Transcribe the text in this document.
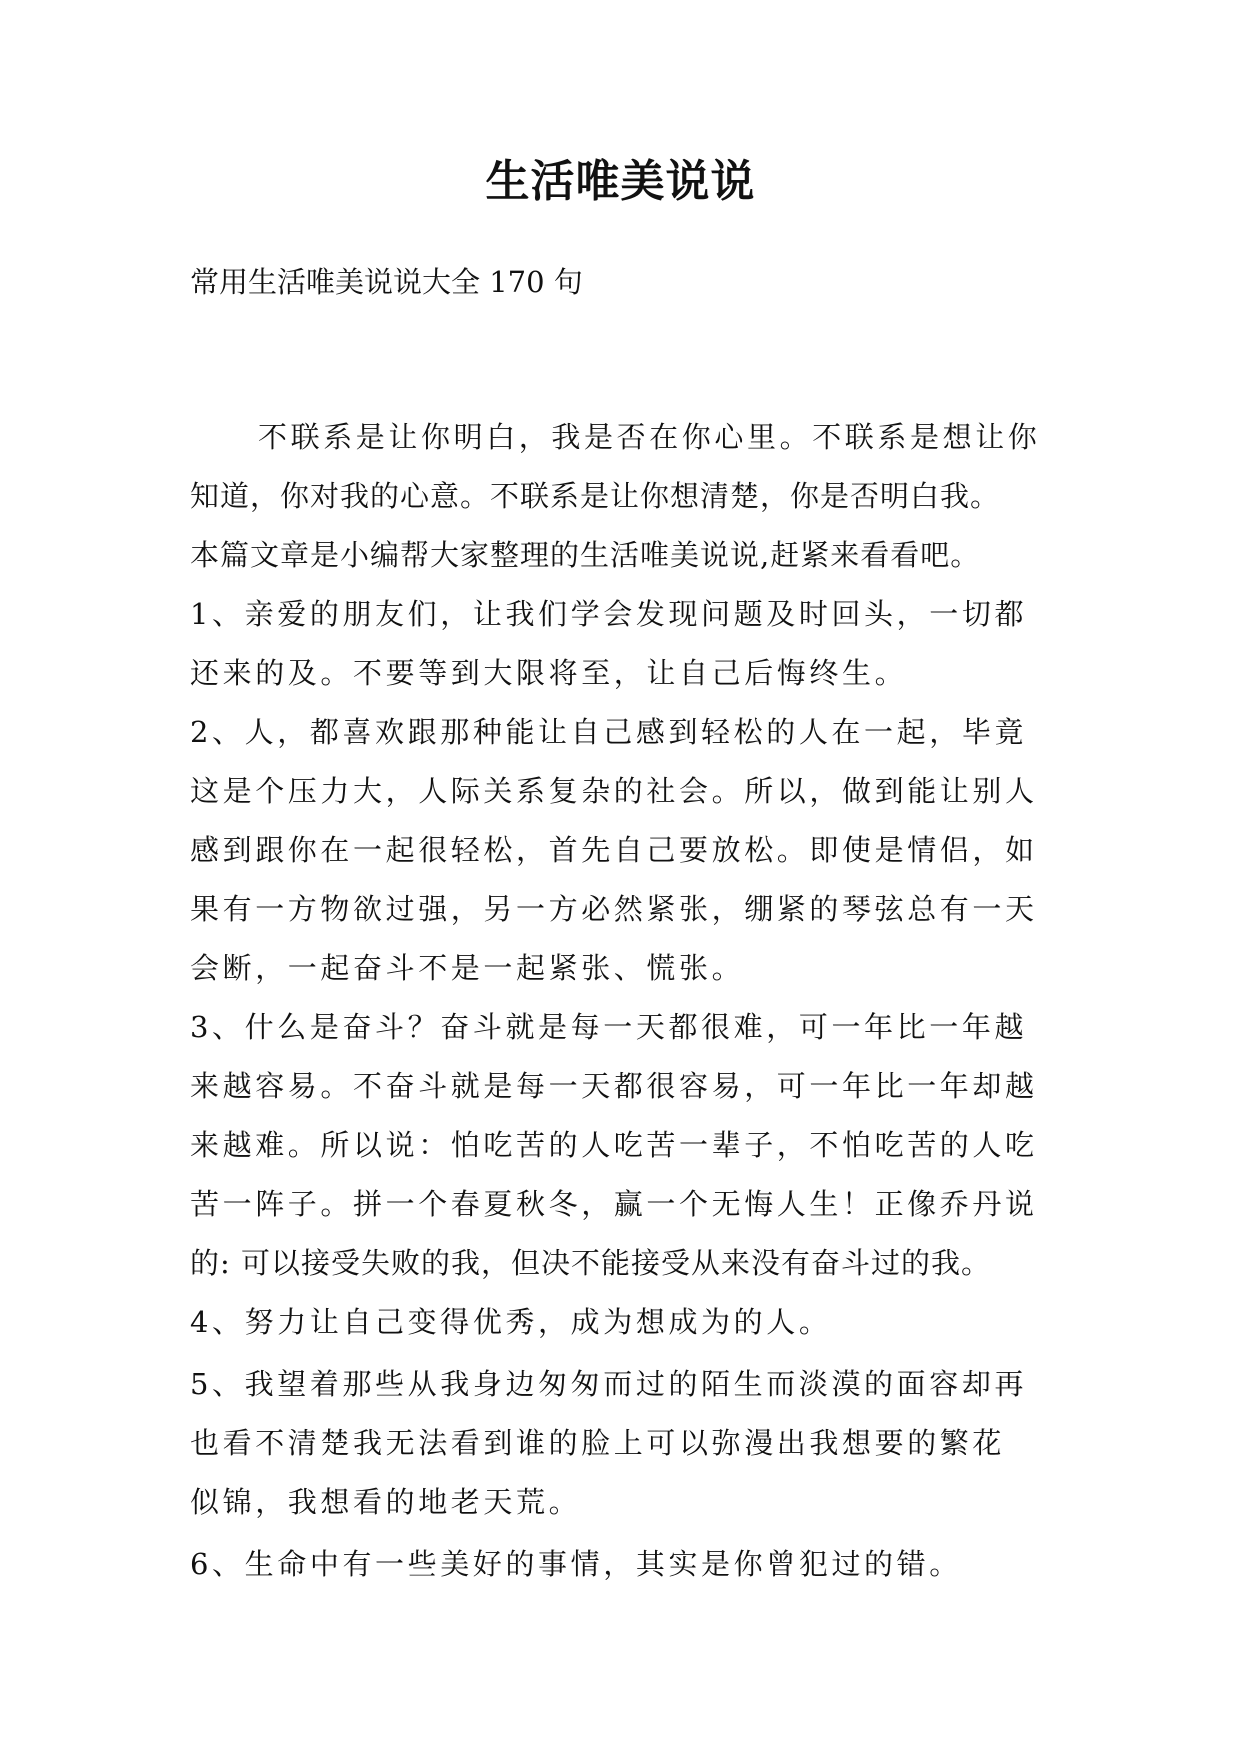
生活唯美说说
常用生活唯美说说大全 170 句
不联系是让你明白，我是否在你心里。不联系是想让你
知道，你对我的心意。不联系是让你想清楚，你是否明白我。
本篇文章是小编帮大家整理的生活唯美说说,赶紧来看看吧。
1、亲爱的朋友们，让我们学会发现问题及时回头，一切都
还来的及。不要等到大限将至，让自己后悔终生。
2、人，都喜欢跟那种能让自己感到轻松的人在一起，毕竟
这是个压力大，人际关系复杂的社会。所以，做到能让别人
感到跟你在一起很轻松，首先自己要放松。即使是情侣，如
果有一方物欲过强，另一方必然紧张，绷紧的琴弦总有一天
会断，一起奋斗不是一起紧张、慌张。
3、什么是奋斗？奋斗就是每一天都很难，可一年比一年越
来越容易。不奋斗就是每一天都很容易，可一年比一年却越
来越难。所以说：怕吃苦的人吃苦一辈子，不怕吃苦的人吃
苦一阵子。拼一个春夏秋冬，赢一个无悔人生！正像乔丹说
的: 可以接受失败的我，但决不能接受从来没有奋斗过的我。
4、努力让自己变得优秀，成为想成为的人。
5、我望着那些从我身边匆匆而过的陌生而淡漠的面容却再
也看不清楚我无法看到谁的脸上可以弥漫出我想要的繁花
似锦，我想看的地老天荒。
6、生命中有一些美好的事情，其实是你曾犯过的错。
